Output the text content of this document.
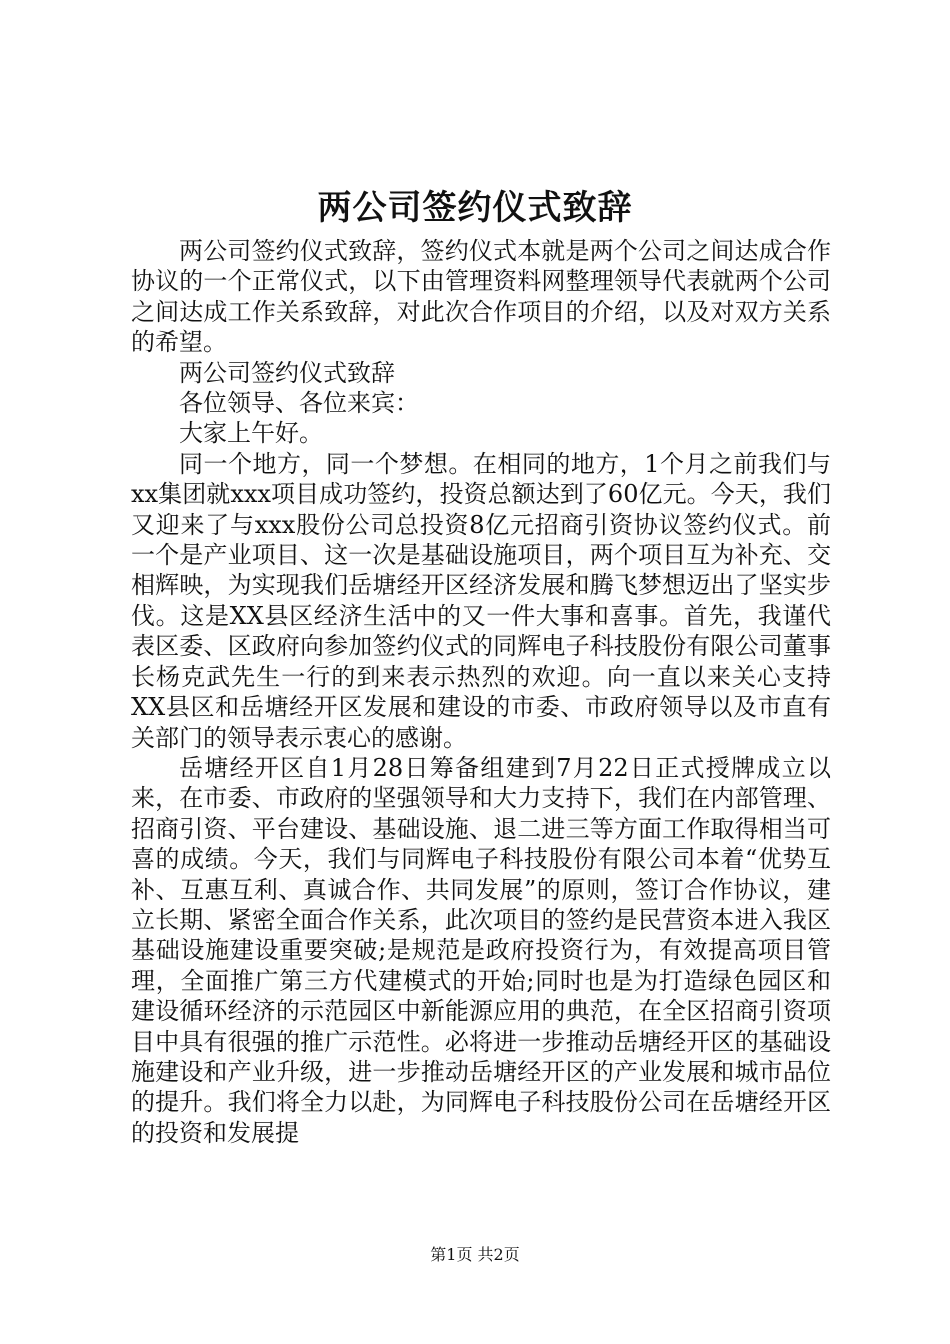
两公司签约仪式致辞

两公司签约仪式致辞，签约仪式本就是两个公司之间达成合作协议的一个正常仪式，以下由管理资料网整理领导代表就两个公司之间达成工作关系致辞，对此次合作项目的介绍，以及对双方关系的希望。

两公司签约仪式致辞

各位领导、各位来宾：

大家上午好。

同一个地方，同一个梦想。在相同的地方，1个月之前我们与xx集团就xxx项目成功签约，投资总额达到了60亿元。今天，我们又迎来了与xxx股份公司总投资8亿元招商引资协议签约仪式。前一个是产业项目、这一次是基础设施项目，两个项目互为补充、交相辉映，为实现我们岳塘经开区经济发展和腾飞梦想迈出了坚实步伐。这是XX县区经济生活中的又一件大事和喜事。首先，我谨代表区委、区政府向参加签约仪式的同辉电子科技股份有限公司董事长杨克武先生一行的到来表示热烈的欢迎。向一直以来关心支持XX县区和岳塘经开区发展和建设的市委、市政府领导以及市直有关部门的领导表示衷心的感谢。

岳塘经开区自1月28日筹备组建到7月22日正式授牌成立以来，在市委、市政府的坚强领导和大力支持下，我们在内部管理、招商引资、平台建设、基础设施、退二进三等方面工作取得相当可喜的成绩。今天，我们与同辉电子科技股份有限公司本着“优势互补、互惠互利、真诚合作、共同发展”的原则，签订合作协议，建立长期、紧密全面合作关系，此次项目的签约是民营资本进入我区基础设施建设重要突破;是规范是政府投资行为，有效提高项目管理，全面推广第三方代建模式的开始;同时也是为打造绿色园区和建设循环经济的示范园区中新能源应用的典范，在全区招商引资项目中具有很强的推广示范性。必将进一步推动岳塘经开区的基础设施建设和产业升级，进一步推动岳塘经开区的产业发展和城市品位的提升。我们将全力以赴，为同辉电子科技股份公司在岳塘经开区的投资和发展提

第1页 共2页
